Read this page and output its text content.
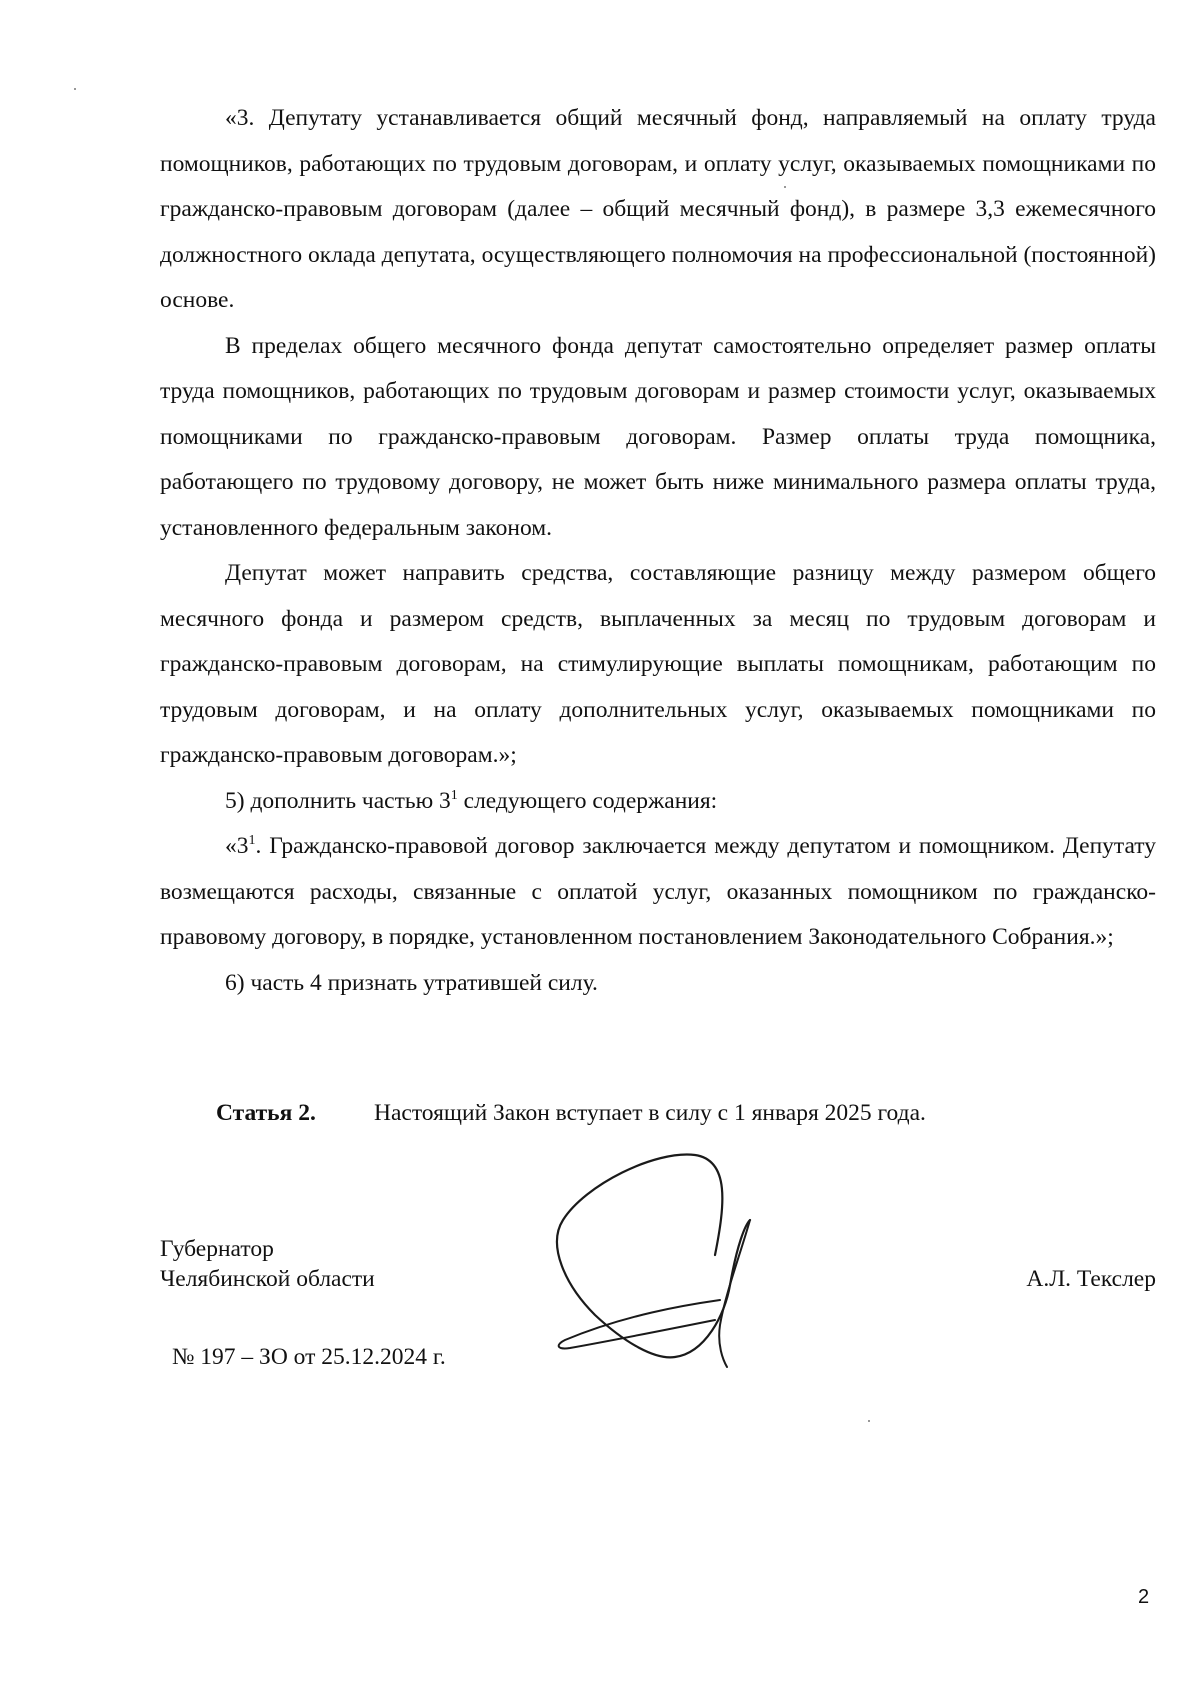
«3. Депутату устанавливается общий месячный фонд, направляемый на оплату труда помощников, работающих по трудовым договорам, и оплату услуг, оказываемых помощниками по гражданско-правовым договорам (далее – общий месячный фонд), в размере 3,3 ежемесячного должностного оклада депутата, осуществляющего полномочия на профессиональной (постоянной) основе.

В пределах общего месячного фонда депутат самостоятельно определяет размер оплаты труда помощников, работающих по трудовым договорам и размер стоимости услуг, оказываемых помощниками по гражданско-правовым договорам. Размер оплаты труда помощника, работающего по трудовому договору, не может быть ниже минимального размера оплаты труда, установленного федеральным законом.

Депутат может направить средства, составляющие разницу между размером общего месячного фонда и размером средств, выплаченных за месяц по трудовым договорам и гражданско-правовым договорам, на стимулирующие выплаты помощникам, работающим по трудовым договорам, и на оплату дополнительных услуг, оказываемых помощниками по гражданско-правовым договорам.»;

5) дополнить частью $3^1$ следующего содержания:

«$3^1$. Гражданско-правовой договор заключается между депутатом и помощником. Депутату возмещаются расходы, связанные с оплатой услуг, оказанных помощником по гражданско-правовому договору, в порядке, установленном постановлением Законодательного Собрания.»;

6) часть 4 признать утратившей силу.

Статья 2. Настоящий Закон вступает в силу с 1 января 2025 года.
Губернатор
Челябинской области	А.Л. Текслер
№ 197 – ЗО от 25.12.2024 г.
2
